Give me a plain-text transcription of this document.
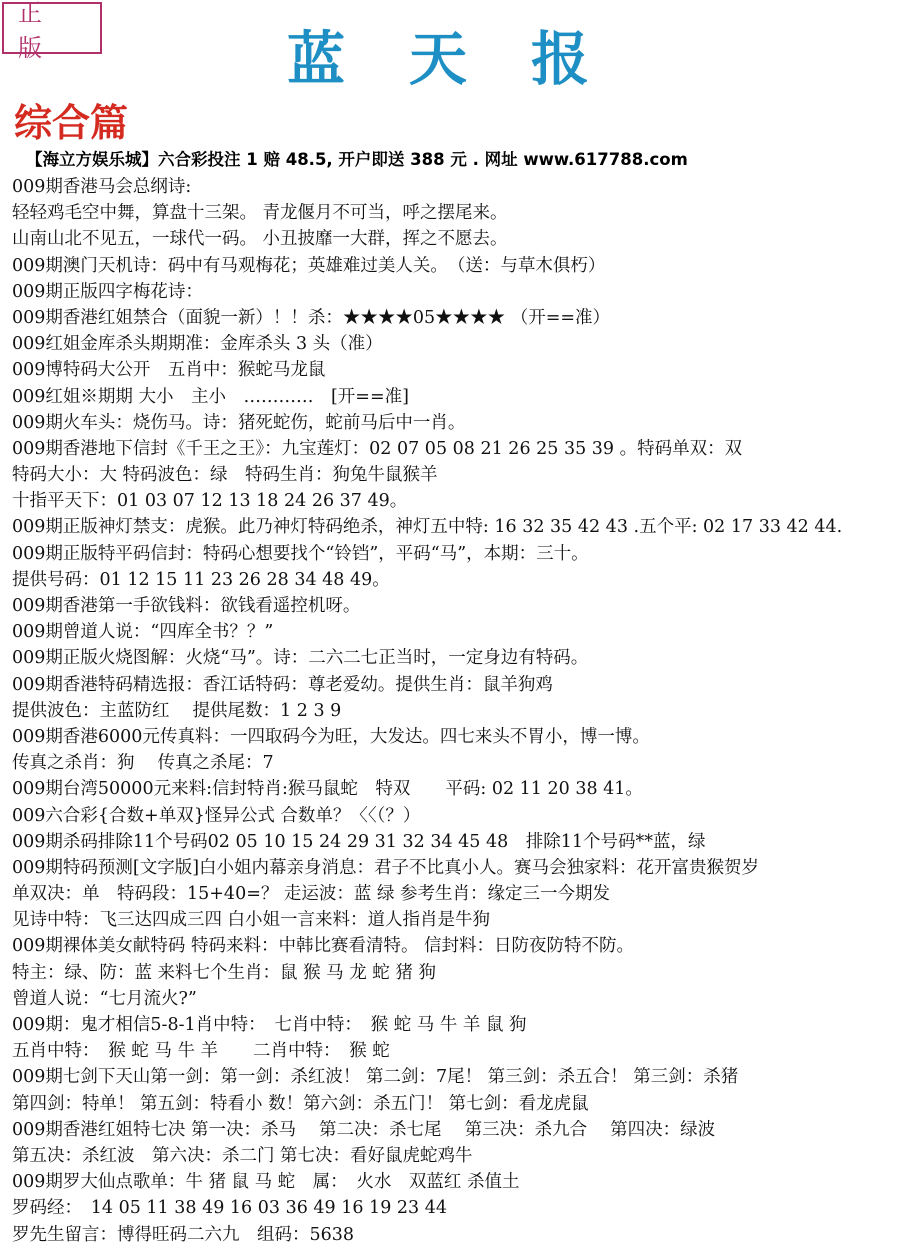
正版	蓝天报
综合篇
【海立方娱乐城】六合彩投注 1 赔 48.5, 开户即送 388 元 . 网址 www.617788.com
009期香港马会总纲诗:
轻轻鸡毛空中舞，算盘十三架。 青龙偃月不可当，呼之摆尾来。
山南山北不见五，一球代一码。 小丑披靡一大群，挥之不愿去。
009期澳门天机诗：码中有马观梅花；英雄难过美人关。　（送：与草木俱朽）
009期正版四字梅花诗：
009期香港红姐禁合（面貌一新）！！杀：★★★★05★★★★ （开==准）
009红姐金库杀头期期准：金库杀头 3 头（准）
009博特码大公开　五肖中：猴蛇马龙鼠
009红姐※期期 大小　主小　…………　[开==准]
009期火车头：烧伤马。诗：猪死蛇伤，蛇前马后中一肖。
009期香港地下信封《千王之王》：九宝莲灯：02 07 05 08 21 26 25 35 39 。特码单双：双
特码大小：大 特码波色：绿　特码生肖：狗兔牛鼠猴羊
十指平天下：01 03 07 12 13 18 24 26 37 49。
009期正版神灯禁支：虎猴。此乃神灯特码绝杀，神灯五中特: 16 32 35 42 43 .五个平: 02 17 33 42 44.
009期正版特平码信封：特码心想要找个“铃铛”，平码“马”，本期：三十。
提供号码：01 12 15 11 23 26 28 34 48 49。
009期香港第一手欲钱料：欲钱看遥控机呀。
009期曾道人说：“四库全书？？”
009期正版火烧图解：火烧“马”。诗：二六二七正当时，一定身边有特码。
009期香港特码精选报：香江话特码：尊老爱幼。提供生肖：鼠羊狗鸡
提供波色：主蓝防红　 提供尾数：1 2 3 9
009期香港6000元传真料：一四取码今为旺，大发达。四七来头不胃小，博一博。
传真之杀肖：狗　 传真之杀尾：7
009期台湾50000元来料:信封特肖:猴马鼠蛇　特双　　平码: 02 11 20 38 41。
009六合彩{合数+单双}怪异公式 合数单？〈〈（？）
009期杀码排除11个号码02 05 10 15 24 29 31 32 34 45 48　排除11个号码**蓝，绿
009期特码预测[文字版]白小姐内幕亲身消息：君子不比真小人。赛马会独家料：花开富贵猴贺岁
单双决：单　特码段：15+40=？ 走运波：蓝 绿 参考生肖：缘定三一今期发
见诗中特：飞三达四成三四 白小姐一言来料：道人指肖是牛狗
009期裸体美女献特码 特码来料：中韩比赛看清特。 信封料：日防夜防特不防。
特主：绿、防：蓝 来料七个生肖：鼠 猴 马 龙 蛇 猪 狗
曾道人说：“七月流火?”
009期：鬼才相信5-8-1肖中特：　七肖中特：　猴 蛇 马 牛 羊 鼠 狗
五肖中特：　猴 蛇 马 牛 羊　　二肖中特：　猴 蛇
009期七剑下天山第一剑：第一剑：杀红波！ 第二剑：7尾！ 第三剑：杀五合！ 第三剑：杀猪
第四剑：特单！ 第五剑：特看小 数！第六剑：杀五门！ 第七剑：看龙虎鼠
009期香港红姐特七决 第一决：杀马　 第二决：杀七尾　 第三决：杀九合　 第四决：绿波
第五决：杀红波　第六决：杀二门 第七决：看好鼠虎蛇鸡牛
009期罗大仙点歌单：牛 猪 鼠 马 蛇　属：　火水　双蓝红 杀值土
罗码经：　14 05 11 38 49 16 03 36 49 16 19 23 44
罗先生留言：博得旺码二六九　组码：5638
